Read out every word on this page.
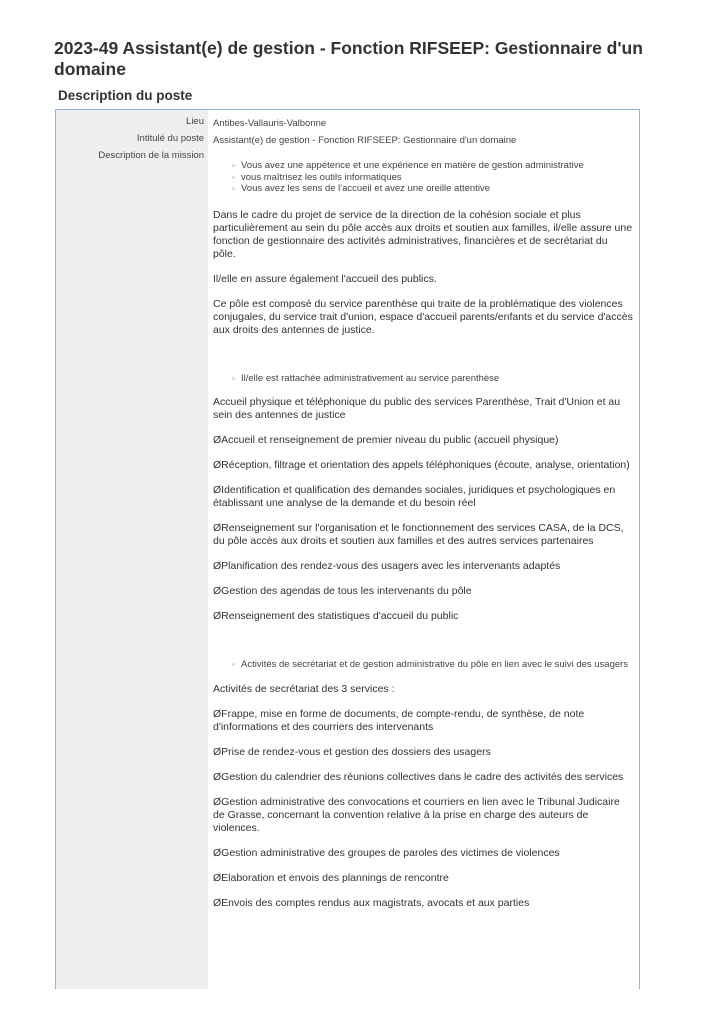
2023-49 Assistant(e) de gestion - Fonction RIFSEEP: Gestionnaire d'un domaine
Description du poste
Lieu
Intitulé du poste
Description de la mission
Antibes-Vallauris-Valbonne
Assistant(e) de gestion - Fonction RIFSEEP: Gestionnaire d'un domaine
◦ Vous avez une appétence et une expérience en matière de gestion administrative
◦ vous maîtrisez les outils informatiques
◦ Vous avez les sens de l'accueil et avez une oreille attentive

Dans le cadre du projet de service de la direction de la cohésion sociale et plus particulièrement au sein du pôle accès aux droits et soutien aux familles, il/elle assure une fonction de gestionnaire des activités administratives, financières et de secrétariat du pôle.

Il/elle en assure également l'accueil des publics.

Ce pôle est composé du service parenthèse qui traite de la problématique des violences conjugales, du service trait d'union, espace d'accueil parents/enfants et du service d'accès aux droits des antennes de justice.

◦ Il/elle est rattachée administrativement au service parenthèse

Accueil physique et téléphonique du public des services Parenthèse, Trait d'Union et au sein des antennes de justice

ØAccueil et renseignement de premier niveau du public (accueil physique)

ØRéception, filtrage et orientation des appels téléphoniques (écoute, analyse, orientation)

ØIdentification et qualification des demandes sociales, juridiques et psychologiques en établissant une analyse de la demande et du besoin réel

ØRenseignement sur l'organisation et le fonctionnement des services CASA, de la DCS, du pôle accès aux droits et soutien aux familles et des autres services partenaires

ØPlanification des rendez-vous des usagers avec les intervenants adaptés

ØGestion des agendas de tous les intervenants du pôle

ØRenseignement des statistiques d'accueil du public

◦ Activités de secrétariat et de gestion administrative du pôle en lien avec le suivi des usagers

Activités de secrétariat des 3 services :

ØFrappe, mise en forme de documents, de compte-rendu, de synthèse, de note d'informations et des courriers des intervenants

ØPrise de rendez-vous et gestion des dossiers des usagers

ØGestion du calendrier des réunions collectives dans le cadre des activités des services

ØGestion administrative des convocations et courriers en lien avec le Tribunal Judicaire de Grasse, concernant la convention relative à la prise en charge des auteurs de violences.

ØGestion administrative des groupes de paroles des victimes de violences

ØElaboration et envois des plannings de rencontre

ØEnvois des comptes rendus aux magistrats, avocats et aux parties
